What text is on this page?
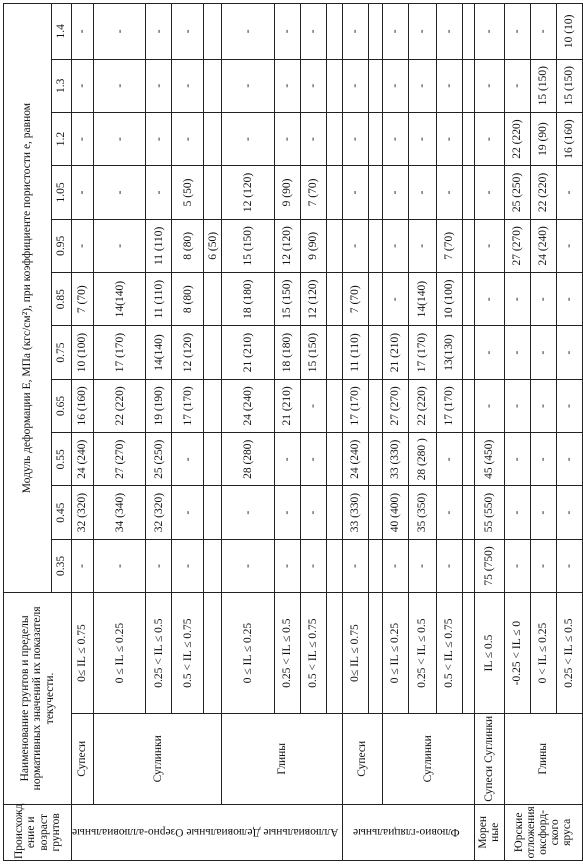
Происхожд ение и возраст грунтов	Наименование грунтов и пределы нормативных значений их показателя текучести.		Модуль деформации Е, МПа (кгс/см²), при коэффициенте пористости е, равном										
			0.35	0.45	0.55	0.65	0.75	0.85	0.95	1.05	1.2	1.3	1.4
Аллювиальные Делювиальные Озерно-аллювиальные	Супеси	0≤ IL ≤ 0.75	-	32 (320)	24 (240)	16 (160)	10 (100)	7 (70)	-	-	-	-	-
	Суглинки	0 ≤ IL ≤ 0.25	-	34 (340)	27 (270)	22 (220)	17 (170)	14(140)	-	-	-	-	-
		0.25 < IL ≤ 0.5	-	32 (320)	25 (250)	19 (190)	14(140)	11 (110)	11 (110)	-	-	-	-
		0.5 < IL ≤ 0.75	-	-	-	17 (170)	12 (120)	8 (80)	8 (80)	5 (50)	-	-	-
									6 (50)				
	Глины	0 ≤ IL ≤ 0.25	-	-	28 (280)	24 (240)	21 (210)	18 (180)	15 (150)	12 (120)	-	-	-
		0.25 < IL ≤ 0.5	-	-	-	21 (210)	18 (180)	15 (150)	12 (120)	9 (90)	-	-	-
		0.5 < IL ≤ 0.75	-	-	-	-	15 (150)	12 (120)	9 (90)	7 (70)	-	-	-

Флювио-гляциальные	Супеси	0≤ IL ≤ 0.75	-	33 (330)	24 (240)	17 (170)	11 (110)	7 (70)	-	-	-	-	-

	Суглинки	0 ≤ IL ≤ 0.25	-	40 (400)	33 (330)	27 (270)	21 (210)	-	-	-	-	-	-
		0.25 < IL ≤ 0.5	-	35 (350)	28 (280 )	22 (220)	17 (170)	14(140)	-	-	-	-	-
		0.5 < IL ≤ 0.75	-	-	-	17 (170)	13(130)	10 (100)	7 (70)	-	-	-	-

Морен ные	Супеси Суглинки	IL ≤ 0.5	75 (750)	55 (550)	45 (450)	-	-	-	-	-	-	-	-
Юрские отложения оксфорд-ского яруса	Глины	-0.25 < IL ≤ 0	-	-	-	-	-	-	27 (270)	25 (250)	22 (220)	-	-
		0 < IL ≤ 0.25	-	-	-	-	-	-	24 (240)	22 (220)	19 (90)	15 (150)	-
		0.25 < IL ≤ 0.5	-	-	-	-	-	-	-	-	16 (160)	15 (150)	10 (10)
